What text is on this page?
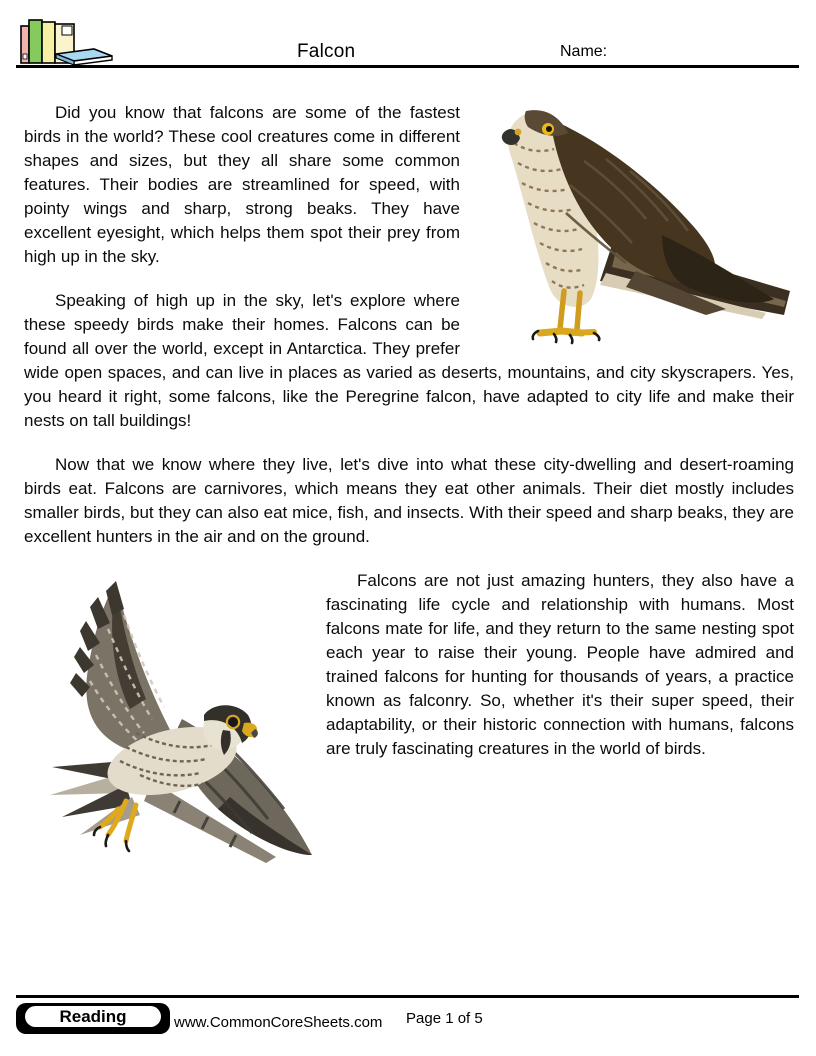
Falcon	Name:

Did you know that falcons are some of the fastest birds in the world? These cool creatures come in different shapes and sizes, but they all share some common features. Their bodies are streamlined for speed, with pointy wings and sharp, strong beaks. They have excellent eyesight, which helps them spot their prey from high up in the sky.

Speaking of high up in the sky, let's explore where these speedy birds make their homes. Falcons can be found all over the world, except in Antarctica. They prefer wide open spaces, and can live in places as varied as deserts, mountains, and city skyscrapers. Yes, you heard it right, some falcons, like the Peregrine falcon, have adapted to city life and make their nests on tall buildings!

Now that we know where they live, let's dive into what these city-dwelling and desert-roaming birds eat. Falcons are carnivores, which means they eat other animals. Their diet mostly includes smaller birds, but they can also eat mice, fish, and insects. With their speed and sharp beaks, they are excellent hunters in the air and on the ground.

Falcons are not just amazing hunters, they also have a fascinating life cycle and relationship with humans. Most falcons mate for life, and they return to the same nesting spot each year to raise their young. People have admired and trained falcons for hunting for thousands of years, a practice known as falconry. So, whether it's their super speed, their adaptability, or their historic connection with humans, falcons are truly fascinating creatures in the world of birds.

Reading	www.CommonCoreSheets.com Page 1 of 5
